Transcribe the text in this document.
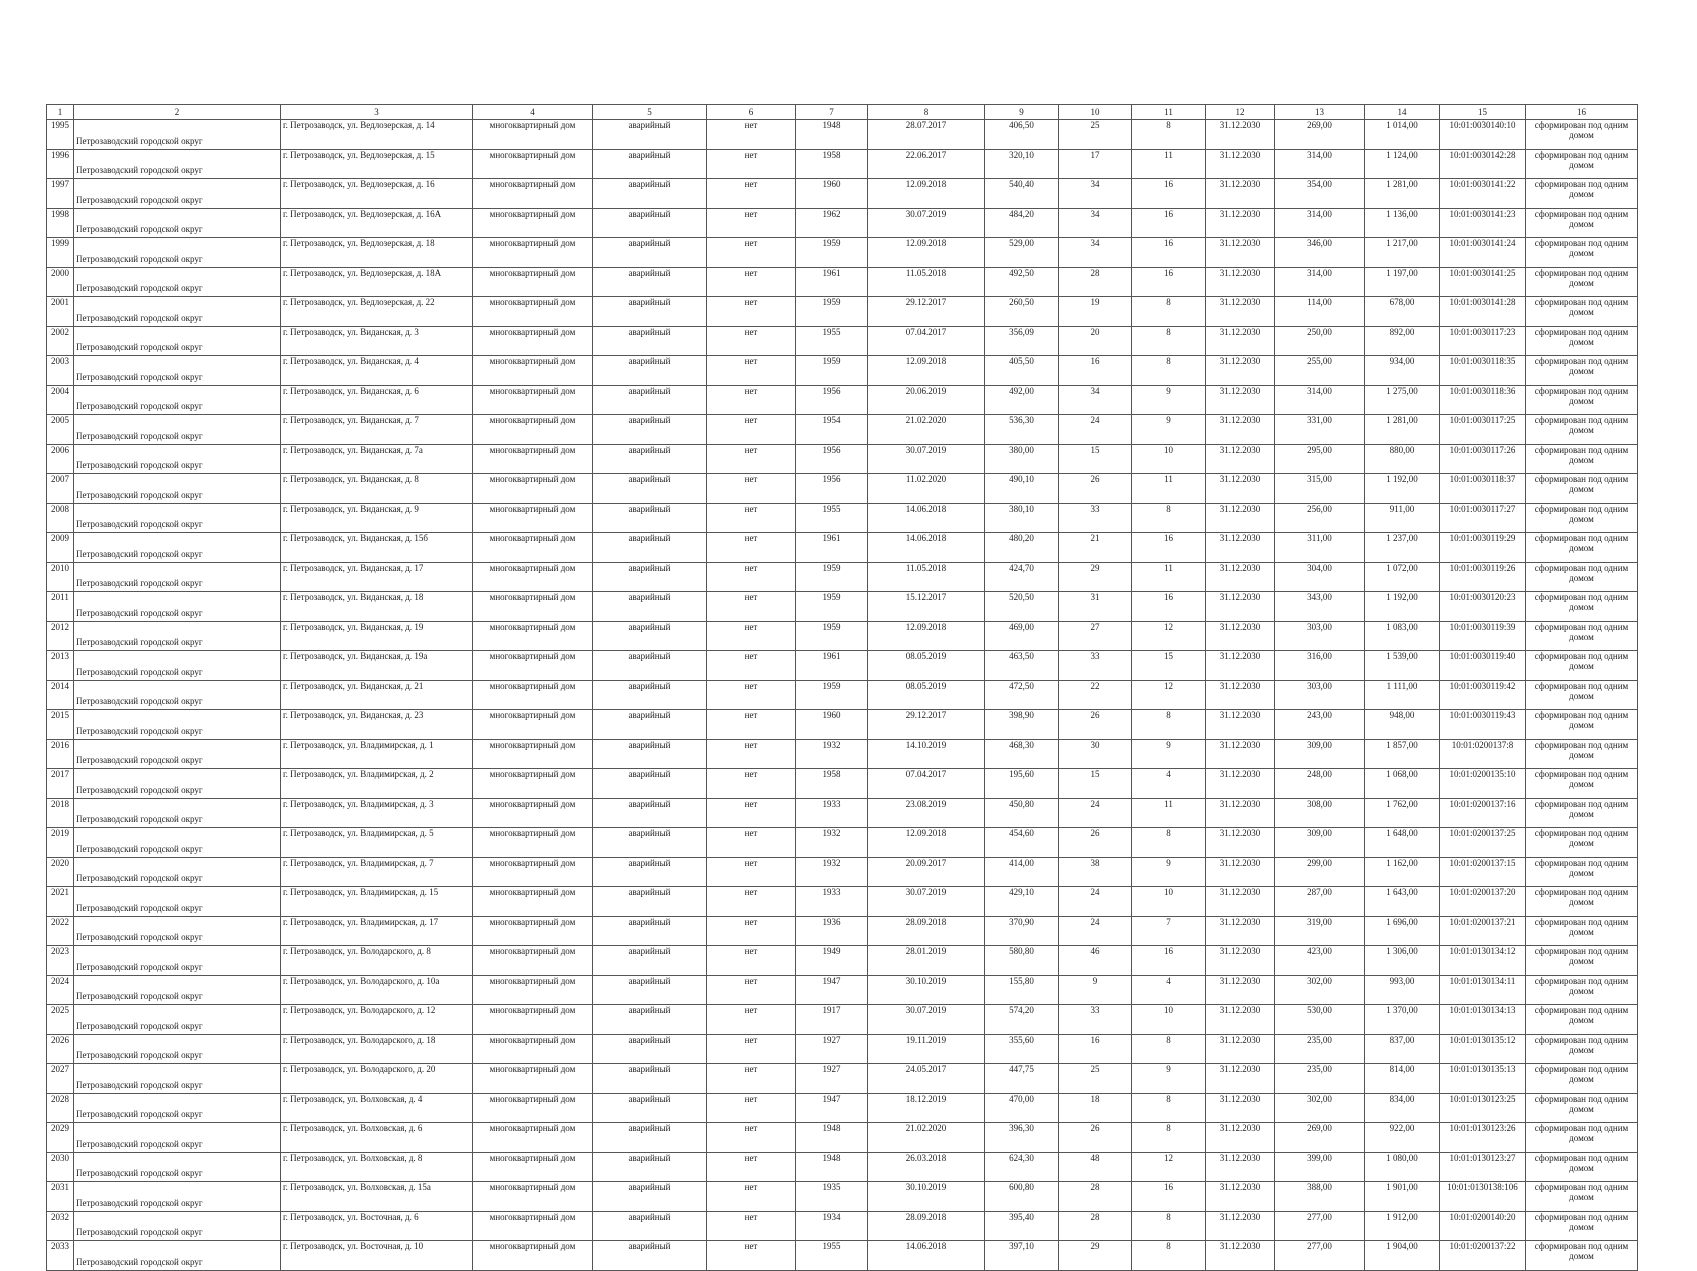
1	2	3	4	5	6	7	8	9	10	11	12	13	14	15	16
1995	Петрозаводский городской округ	г. Петрозаводск, ул. Ведлозерская, д. 14	многоквартирный дом	аварийный	нет	1948	28.07.2017	406,50	25	8	31.12.2030	269,00	1 014,00	10:01:0030140:10	сформирован под одним домом
1996	Петрозаводский городской округ	г. Петрозаводск, ул. Ведлозерская, д. 15	многоквартирный дом	аварийный	нет	1958	22.06.2017	320,10	17	11	31.12.2030	314,00	1 124,00	10:01:0030142:28	сформирован под одним домом
1997	Петрозаводский городской округ	г. Петрозаводск, ул. Ведлозерская, д. 16	многоквартирный дом	аварийный	нет	1960	12.09.2018	540,40	34	16	31.12.2030	354,00	1 281,00	10:01:0030141:22	сформирован под одним домом
1998	Петрозаводский городской округ	г. Петрозаводск, ул. Ведлозерская, д. 16А	многоквартирный дом	аварийный	нет	1962	30.07.2019	484,20	34	16	31.12.2030	314,00	1 136,00	10:01:0030141:23	сформирован под одним домом
1999	Петрозаводский городской округ	г. Петрозаводск, ул. Ведлозерская, д. 18	многоквартирный дом	аварийный	нет	1959	12.09.2018	529,00	34	16	31.12.2030	346,00	1 217,00	10:01:0030141:24	сформирован под одним домом
2000	Петрозаводский городской округ	г. Петрозаводск, ул. Ведлозерская, д. 18А	многоквартирный дом	аварийный	нет	1961	11.05.2018	492,50	28	16	31.12.2030	314,00	1 197,00	10:01:0030141:25	сформирован под одним домом
2001	Петрозаводский городской округ	г. Петрозаводск, ул. Ведлозерская, д. 22	многоквартирный дом	аварийный	нет	1959	29.12.2017	260,50	19	8	31.12.2030	114,00	678,00	10:01:0030141:28	сформирован под одним домом
2002	Петрозаводский городской округ	г. Петрозаводск, ул. Виданская, д. 3	многоквартирный дом	аварийный	нет	1955	07.04.2017	356,09	20	8	31.12.2030	250,00	892,00	10:01:0030117:23	сформирован под одним домом
2003	Петрозаводский городской округ	г. Петрозаводск, ул. Виданская, д. 4	многоквартирный дом	аварийный	нет	1959	12.09.2018	405,50	16	8	31.12.2030	255,00	934,00	10:01:0030118:35	сформирован под одним домом
2004	Петрозаводский городской округ	г. Петрозаводск, ул. Виданская, д. 6	многоквартирный дом	аварийный	нет	1956	20.06.2019	492,00	34	9	31.12.2030	314,00	1 275,00	10:01:0030118:36	сформирован под одним домом
2005	Петрозаводский городской округ	г. Петрозаводск, ул. Виданская, д. 7	многоквартирный дом	аварийный	нет	1954	21.02.2020	536,30	24	9	31.12.2030	331,00	1 281,00	10:01:0030117:25	сформирован под одним домом
2006	Петрозаводский городской округ	г. Петрозаводск, ул. Виданская, д. 7а	многоквартирный дом	аварийный	нет	1956	30.07.2019	380,00	15	10	31.12.2030	295,00	880,00	10:01:0030117:26	сформирован под одним домом
2007	Петрозаводский городской округ	г. Петрозаводск, ул. Виданская, д. 8	многоквартирный дом	аварийный	нет	1956	11.02.2020	490,10	26	11	31.12.2030	315,00	1 192,00	10:01:0030118:37	сформирован под одним домом
2008	Петрозаводский городской округ	г. Петрозаводск, ул. Виданская, д. 9	многоквартирный дом	аварийный	нет	1955	14.06.2018	380,10	33	8	31.12.2030	256,00	911,00	10:01:0030117:27	сформирован под одним домом
2009	Петрозаводский городской округ	г. Петрозаводск, ул. Виданская, д. 15б	многоквартирный дом	аварийный	нет	1961	14.06.2018	480,20	21	16	31.12.2030	311,00	1 237,00	10:01:0030119:29	сформирован под одним домом
2010	Петрозаводский городской округ	г. Петрозаводск, ул. Виданская, д. 17	многоквартирный дом	аварийный	нет	1959	11.05.2018	424,70	29	11	31.12.2030	304,00	1 072,00	10:01:0030119:26	сформирован под одним домом
2011	Петрозаводский городской округ	г. Петрозаводск, ул. Виданская, д. 18	многоквартирный дом	аварийный	нет	1959	15.12.2017	520,50	31	16	31.12.2030	343,00	1 192,00	10:01:0030120:23	сформирован под одним домом
2012	Петрозаводский городской округ	г. Петрозаводск, ул. Виданская, д. 19	многоквартирный дом	аварийный	нет	1959	12.09.2018	469,00	27	12	31.12.2030	303,00	1 083,00	10:01:0030119:39	сформирован под одним домом
2013	Петрозаводский городской округ	г. Петрозаводск, ул. Виданская, д. 19а	многоквартирный дом	аварийный	нет	1961	08.05.2019	463,50	33	15	31.12.2030	316,00	1 539,00	10:01:0030119:40	сформирован под одним домом
2014	Петрозаводский городской округ	г. Петрозаводск, ул. Виданская, д. 21	многоквартирный дом	аварийный	нет	1959	08.05.2019	472,50	22	12	31.12.2030	303,00	1 111,00	10:01:0030119:42	сформирован под одним домом
2015	Петрозаводский городской округ	г. Петрозаводск, ул. Виданская, д. 23	многоквартирный дом	аварийный	нет	1960	29.12.2017	398,90	26	8	31.12.2030	243,00	948,00	10:01:0030119:43	сформирован под одним домом
2016	Петрозаводский городской округ	г. Петрозаводск, ул. Владимирская, д. 1	многоквартирный дом	аварийный	нет	1932	14.10.2019	468,30	30	9	31.12.2030	309,00	1 857,00	10:01:0200137:8	сформирован под одним домом
2017	Петрозаводский городской округ	г. Петрозаводск, ул. Владимирская, д. 2	многоквартирный дом	аварийный	нет	1958	07.04.2017	195,60	15	4	31.12.2030	248,00	1 068,00	10:01:0200135:10	сформирован под одним домом
2018	Петрозаводский городской округ	г. Петрозаводск, ул. Владимирская, д. 3	многоквартирный дом	аварийный	нет	1933	23.08.2019	450,80	24	11	31.12.2030	308,00	1 762,00	10:01:0200137:16	сформирован под одним домом
2019	Петрозаводский городской округ	г. Петрозаводск, ул. Владимирская, д. 5	многоквартирный дом	аварийный	нет	1932	12.09.2018	454,60	26	8	31.12.2030	309,00	1 648,00	10:01:0200137:25	сформирован под одним домом
2020	Петрозаводский городской округ	г. Петрозаводск, ул. Владимирская, д. 7	многоквартирный дом	аварийный	нет	1932	20.09.2017	414,00	38	9	31.12.2030	299,00	1 162,00	10:01:0200137:15	сформирован под одним домом
2021	Петрозаводский городской округ	г. Петрозаводск, ул. Владимирская, д. 15	многоквартирный дом	аварийный	нет	1933	30.07.2019	429,10	24	10	31.12.2030	287,00	1 643,00	10:01:0200137:20	сформирован под одним домом
2022	Петрозаводский городской округ	г. Петрозаводск, ул. Владимирская, д. 17	многоквартирный дом	аварийный	нет	1936	28.09.2018	370,90	24	7	31.12.2030	319,00	1 696,00	10:01:0200137:21	сформирован под одним домом
2023	Петрозаводский городской округ	г. Петрозаводск, ул. Володарского, д. 8	многоквартирный дом	аварийный	нет	1949	28.01.2019	580,80	46	16	31.12.2030	423,00	1 306,00	10:01:0130134:12	сформирован под одним домом
2024	Петрозаводский городской округ	г. Петрозаводск, ул. Володарского, д. 10а	многоквартирный дом	аварийный	нет	1947	30.10.2019	155,80	9	4	31.12.2030	302,00	993,00	10:01:0130134:11	сформирован под одним домом
2025	Петрозаводский городской округ	г. Петрозаводск, ул. Володарского, д. 12	многоквартирный дом	аварийный	нет	1917	30.07.2019	574,20	33	10	31.12.2030	530,00	1 370,00	10:01:0130134:13	сформирован под одним домом
2026	Петрозаводский городской округ	г. Петрозаводск, ул. Володарского, д. 18	многоквартирный дом	аварийный	нет	1927	19.11.2019	355,60	16	8	31.12.2030	235,00	837,00	10:01:0130135:12	сформирован под одним домом
2027	Петрозаводский городской округ	г. Петрозаводск, ул. Володарского, д. 20	многоквартирный дом	аварийный	нет	1927	24.05.2017	447,75	25	9	31.12.2030	235,00	814,00	10:01:0130135:13	сформирован под одним домом
2028	Петрозаводский городской округ	г. Петрозаводск, ул. Волховская, д. 4	многоквартирный дом	аварийный	нет	1947	18.12.2019	470,00	18	8	31.12.2030	302,00	834,00	10:01:0130123:25	сформирован под одним домом
2029	Петрозаводский городской округ	г. Петрозаводск, ул. Волховская, д. 6	многоквартирный дом	аварийный	нет	1948	21.02.2020	396,30	26	8	31.12.2030	269,00	922,00	10:01:0130123:26	сформирован под одним домом
2030	Петрозаводский городской округ	г. Петрозаводск, ул. Волховская, д. 8	многоквартирный дом	аварийный	нет	1948	26.03.2018	624,30	48	12	31.12.2030	399,00	1 080,00	10:01:0130123:27	сформирован под одним домом
2031	Петрозаводский городской округ	г. Петрозаводск, ул. Волховская, д. 15а	многоквартирный дом	аварийный	нет	1935	30.10.2019	600,80	28	16	31.12.2030	388,00	1 901,00	10:01:0130138:106	сформирован под одним домом
2032	Петрозаводский городской округ	г. Петрозаводск, ул. Восточная, д. 6	многоквартирный дом	аварийный	нет	1934	28.09.2018	395,40	28	8	31.12.2030	277,00	1 912,00	10:01:0200140:20	сформирован под одним домом
2033	Петрозаводский городской округ	г. Петрозаводск, ул. Восточная, д. 10	многоквартирный дом	аварийный	нет	1955	14.06.2018	397,10	29	8	31.12.2030	277,00	1 904,00	10:01:0200137:22	сформирован под одним домом
